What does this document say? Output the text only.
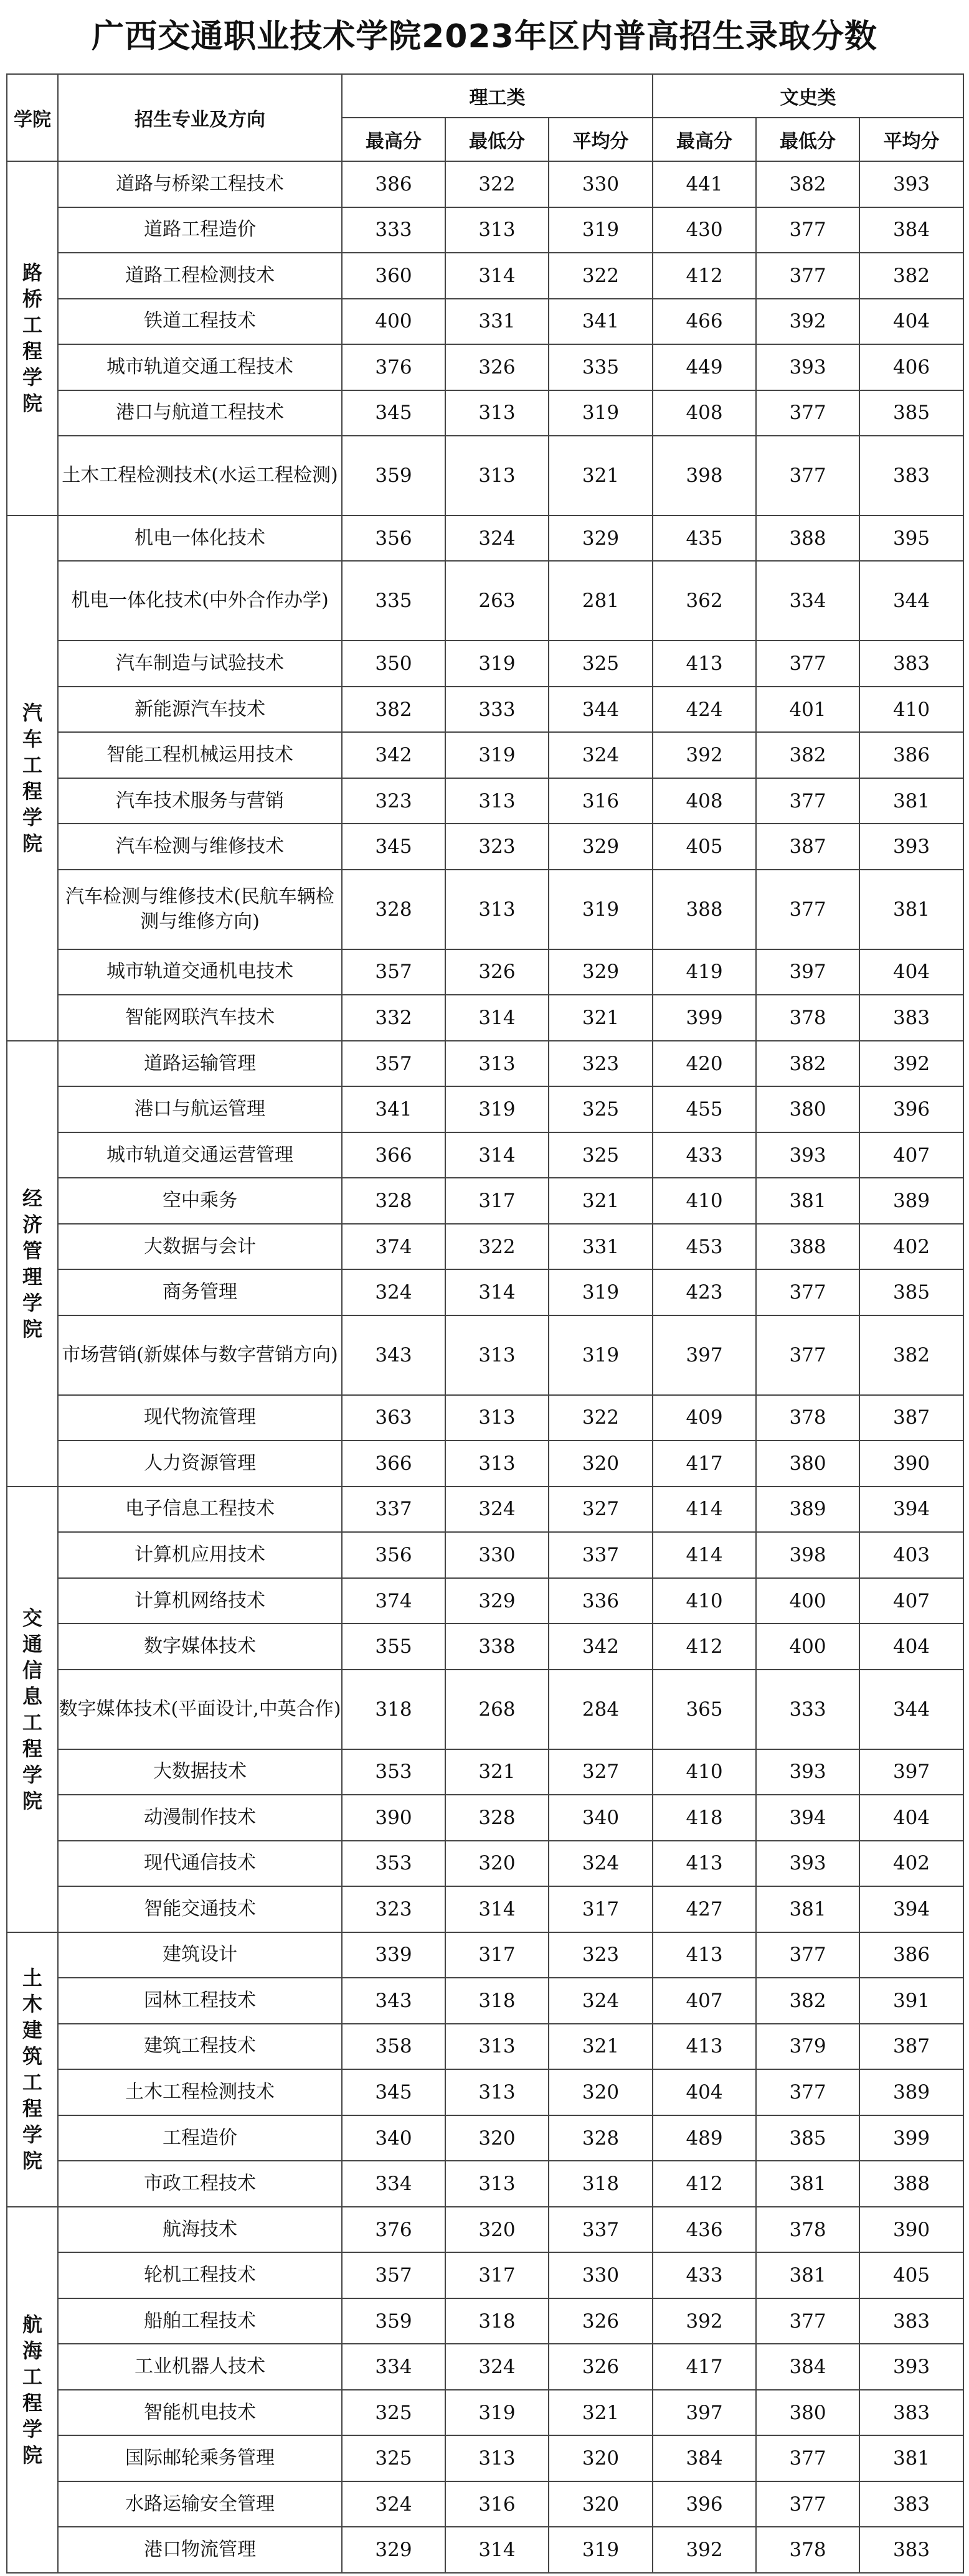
广西交通职业技术学院2023年区内普高招生录取分数
学院	招生专业及方向	理工类			文史类		
		最高分	最低分	平均分	最高分	最低分	平均分
路桥工程学院	道路与桥梁工程技术	386	322	330	441	382	393
	道路工程造价	333	313	319	430	377	384
	道路工程检测技术	360	314	322	412	377	382
	铁道工程技术	400	331	341	466	392	404
	城市轨道交通工程技术	376	326	335	449	393	406
	港口与航道工程技术	345	313	319	408	377	385
	土木工程检测技术(水运工程检测)	359	313	321	398	377	383
汽车工程学院	机电一体化技术	356	324	329	435	388	395
	机电一体化技术(中外合作办学)	335	263	281	362	334	344
	汽车制造与试验技术	350	319	325	413	377	383
	新能源汽车技术	382	333	344	424	401	410
	智能工程机械运用技术	342	319	324	392	382	386
	汽车技术服务与营销	323	313	316	408	377	381
	汽车检测与维修技术	345	323	329	405	387	393
	汽车检测与维修技术(民航车辆检测与维修方向)	328	313	319	388	377	381
	城市轨道交通机电技术	357	326	329	419	397	404
	智能网联汽车技术	332	314	321	399	378	383
经济管理学院	道路运输管理	357	313	323	420	382	392
	港口与航运管理	341	319	325	455	380	396
	城市轨道交通运营管理	366	314	325	433	393	407
	空中乘务	328	317	321	410	381	389
	大数据与会计	374	322	331	453	388	402
	商务管理	324	314	319	423	377	385
	市场营销(新媒体与数字营销方向)	343	313	319	397	377	382
	现代物流管理	363	313	322	409	378	387
	人力资源管理	366	313	320	417	380	390
交通信息工程学院	电子信息工程技术	337	324	327	414	389	394
	计算机应用技术	356	330	337	414	398	403
	计算机网络技术	374	329	336	410	400	407
	数字媒体技术	355	338	342	412	400	404
	数字媒体技术(平面设计,中英合作)	318	268	284	365	333	344
	大数据技术	353	321	327	410	393	397
	动漫制作技术	390	328	340	418	394	404
	现代通信技术	353	320	324	413	393	402
	智能交通技术	323	314	317	427	381	394
土木建筑工程学院	建筑设计	339	317	323	413	377	386
	园林工程技术	343	318	324	407	382	391
	建筑工程技术	358	313	321	413	379	387
	土木工程检测技术	345	313	320	404	377	389
	工程造价	340	320	328	489	385	399
	市政工程技术	334	313	318	412	381	388
航海工程学院	航海技术	376	320	337	436	378	390
	轮机工程技术	357	317	330	433	381	405
	船舶工程技术	359	318	326	392	377	383
	工业机器人技术	334	324	326	417	384	393
	智能机电技术	325	319	321	397	380	383
	国际邮轮乘务管理	325	313	320	384	377	381
	水路运输安全管理	324	316	320	396	377	383
	港口物流管理	329	314	319	392	378	383
